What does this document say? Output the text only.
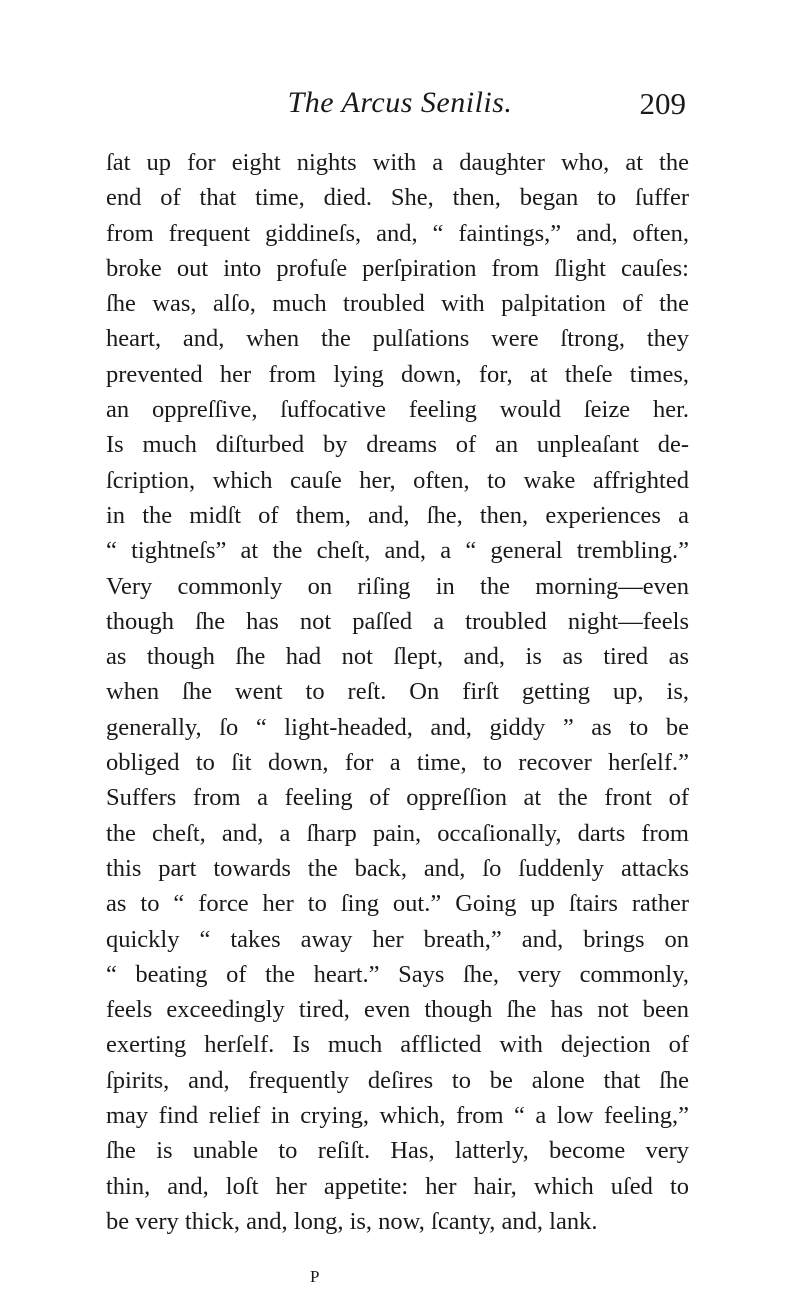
The Arcus Senilis.	209
ſat up for eight nights with a daughter who, at the
end of that time, died. She, then, began to ſuffer
from frequent giddineſs, and, “ faintings,” and, often,
broke out into profuſe perſpiration from ſlight cauſes:
ſhe was, alſo, much troubled with palpitation of the
heart, and, when the pulſations were ſtrong, they
prevented her from lying down, for, at theſe times,
an oppreſſive, ſuffocative feeling would ſeize her.
Is much diſturbed by dreams of an unpleaſant de-
ſcription, which cauſe her, often, to wake affrighted
in the midſt of them, and, ſhe, then, experiences a
“ tightneſs” at the cheſt, and, a “ general trembling.”
Very commonly on riſing in the morning—even
though ſhe has not paſſed a troubled night—feels
as though ſhe had not ſlept, and, is as tired as
when ſhe went to reſt. On firſt getting up, is,
generally, ſo “ light-headed, and, giddy ” as to be
obliged to ſit down, for a time, to recover herſelf.”
Suffers from a feeling of oppreſſion at the front of
the cheſt, and, a ſharp pain, occaſionally, darts from
this part towards the back, and, ſo ſuddenly attacks
as to “ force her to ſing out.” Going up ſtairs rather
quickly “ takes away her breath,” and, brings on
“ beating of the heart.” Says ſhe, very commonly,
feels exceedingly tired, even though ſhe has not been
exerting herſelf. Is much afflicted with dejection of
ſpirits, and, frequently deſires to be alone that ſhe
may find relief in crying, which, from “ a low feeling,”
ſhe is unable to reſiſt. Has, latterly, become very
thin, and, loſt her appetite: her hair, which uſed to
be very thick, and, long, is, now, ſcanty, and, lank.
P
